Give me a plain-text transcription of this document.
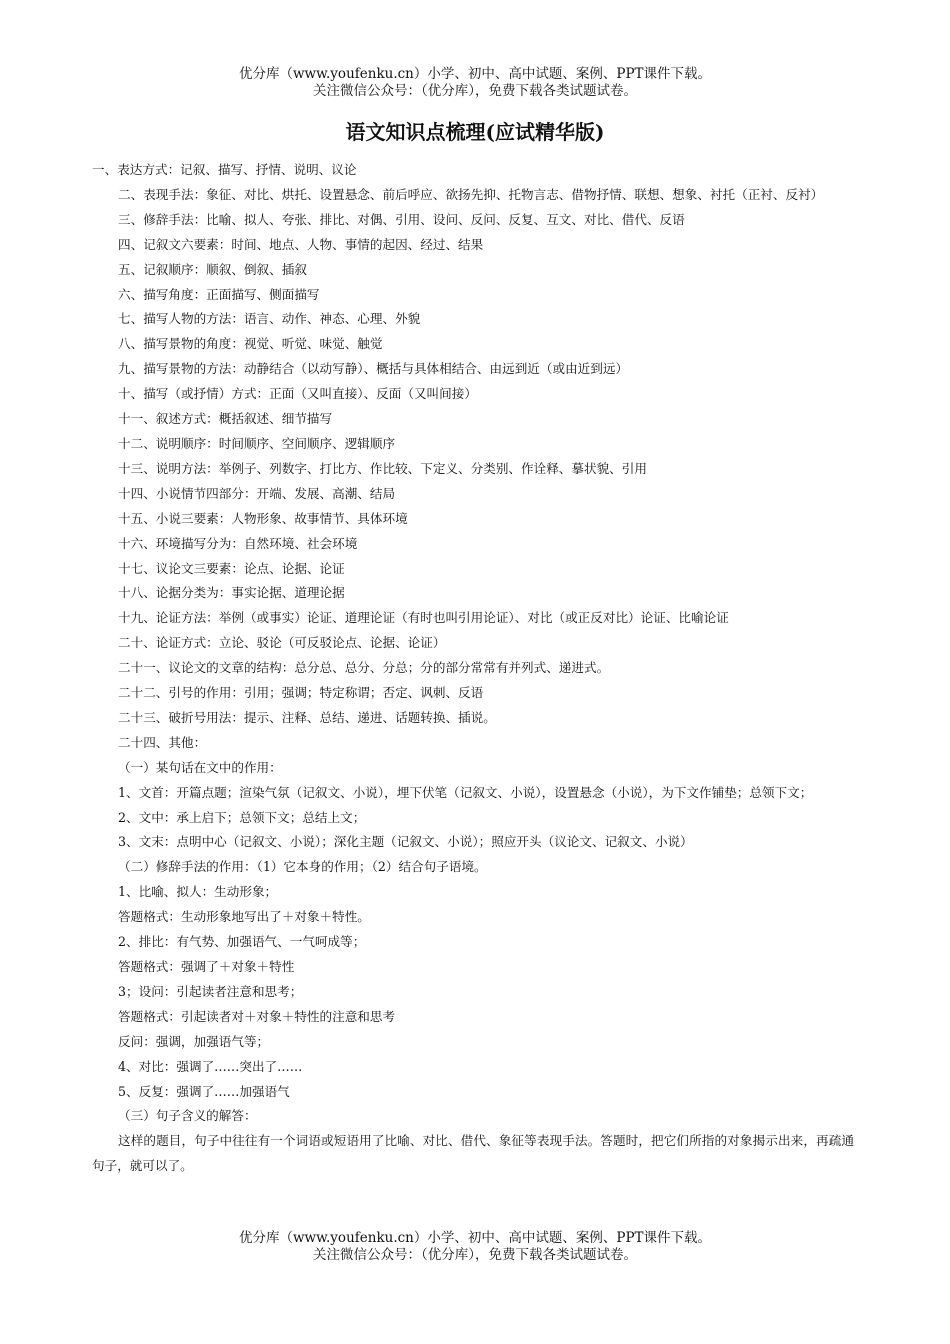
优分库（www.youfenku.cn）小学、初中、高中试题、案例、PPT课件下载。
关注微信公众号：（优分库），免费下载各类试题试卷。
语文知识点梳理(应试精华版)
一、表达方式：记叙、描写、抒情、说明、议论
二、表现手法：象征、对比、烘托、设置悬念、前后呼应、欲扬先抑、托物言志、借物抒情、联想、想象、衬托（正衬、反衬）
三、修辞手法：比喻、拟人、夸张、排比、对偶、引用、设问、反问、反复、互文、对比、借代、反语
四、记叙文六要素：时间、地点、人物、事情的起因、经过、结果
五、记叙顺序：顺叙、倒叙、插叙
六、描写角度：正面描写、侧面描写
七、描写人物的方法：语言、动作、神态、心理、外貌
八、描写景物的角度：视觉、听觉、味觉、触觉
九、描写景物的方法：动静结合（以动写静）、概括与具体相结合、由远到近（或由近到远）
十、描写（或抒情）方式：正面（又叫直接）、反面（又叫间接）
十一、叙述方式：概括叙述、细节描写
十二、说明顺序：时间顺序、空间顺序、逻辑顺序
十三、说明方法：举例子、列数字、打比方、作比较、下定义、分类别、作诠释、摹状貌、引用
十四、小说情节四部分：开端、发展、高潮、结局
十五、小说三要素：人物形象、故事情节、具体环境
十六、环境描写分为：自然环境、社会环境
十七、议论文三要素：论点、论据、论证
十八、论据分类为：事实论据、道理论据
十九、论证方法：举例（或事实）论证、道理论证（有时也叫引用论证）、对比（或正反对比）论证、比喻论证
二十、论证方式：立论、驳论（可反驳论点、论据、论证）
二十一、议论文的文章的结构：总分总、总分、分总；分的部分常常有并列式、递进式。
二十二、引号的作用：引用；强调；特定称谓；否定、讽刺、反语
二十三、破折号用法：提示、注释、总结、递进、话题转换、插说。
二十四、其他：
（一）某句话在文中的作用：
1、文首：开篇点题；渲染气氛（记叙文、小说），埋下伏笔（记叙文、小说），设置悬念（小说），为下文作铺垫；总领下文；
2、文中：承上启下；总领下文；总结上文；
3、文末：点明中心（记叙文、小说）；深化主题（记叙文、小说）；照应开头（议论文、记叙文、小说）
（二）修辞手法的作用：（1）它本身的作用；（2）结合句子语境。
1、比喻、拟人：生动形象；
答题格式：生动形象地写出了＋对象＋特性。
2、排比：有气势、加强语气、一气呵成等；
答题格式：强调了＋对象＋特性
3；设问：引起读者注意和思考；
答题格式：引起读者对＋对象＋特性的注意和思考
反问：强调，加强语气等；
4、对比：强调了……突出了……
5、反复：强调了……加强语气
（三）句子含义的解答：
这样的题目，句子中往往有一个词语或短语用了比喻、对比、借代、象征等表现手法。答题时，把它们所指的对象揭示出来，再疏通句子，就可以了。
优分库（www.youfenku.cn）小学、初中、高中试题、案例、PPT课件下载。
关注微信公众号：（优分库），免费下载各类试题试卷。
